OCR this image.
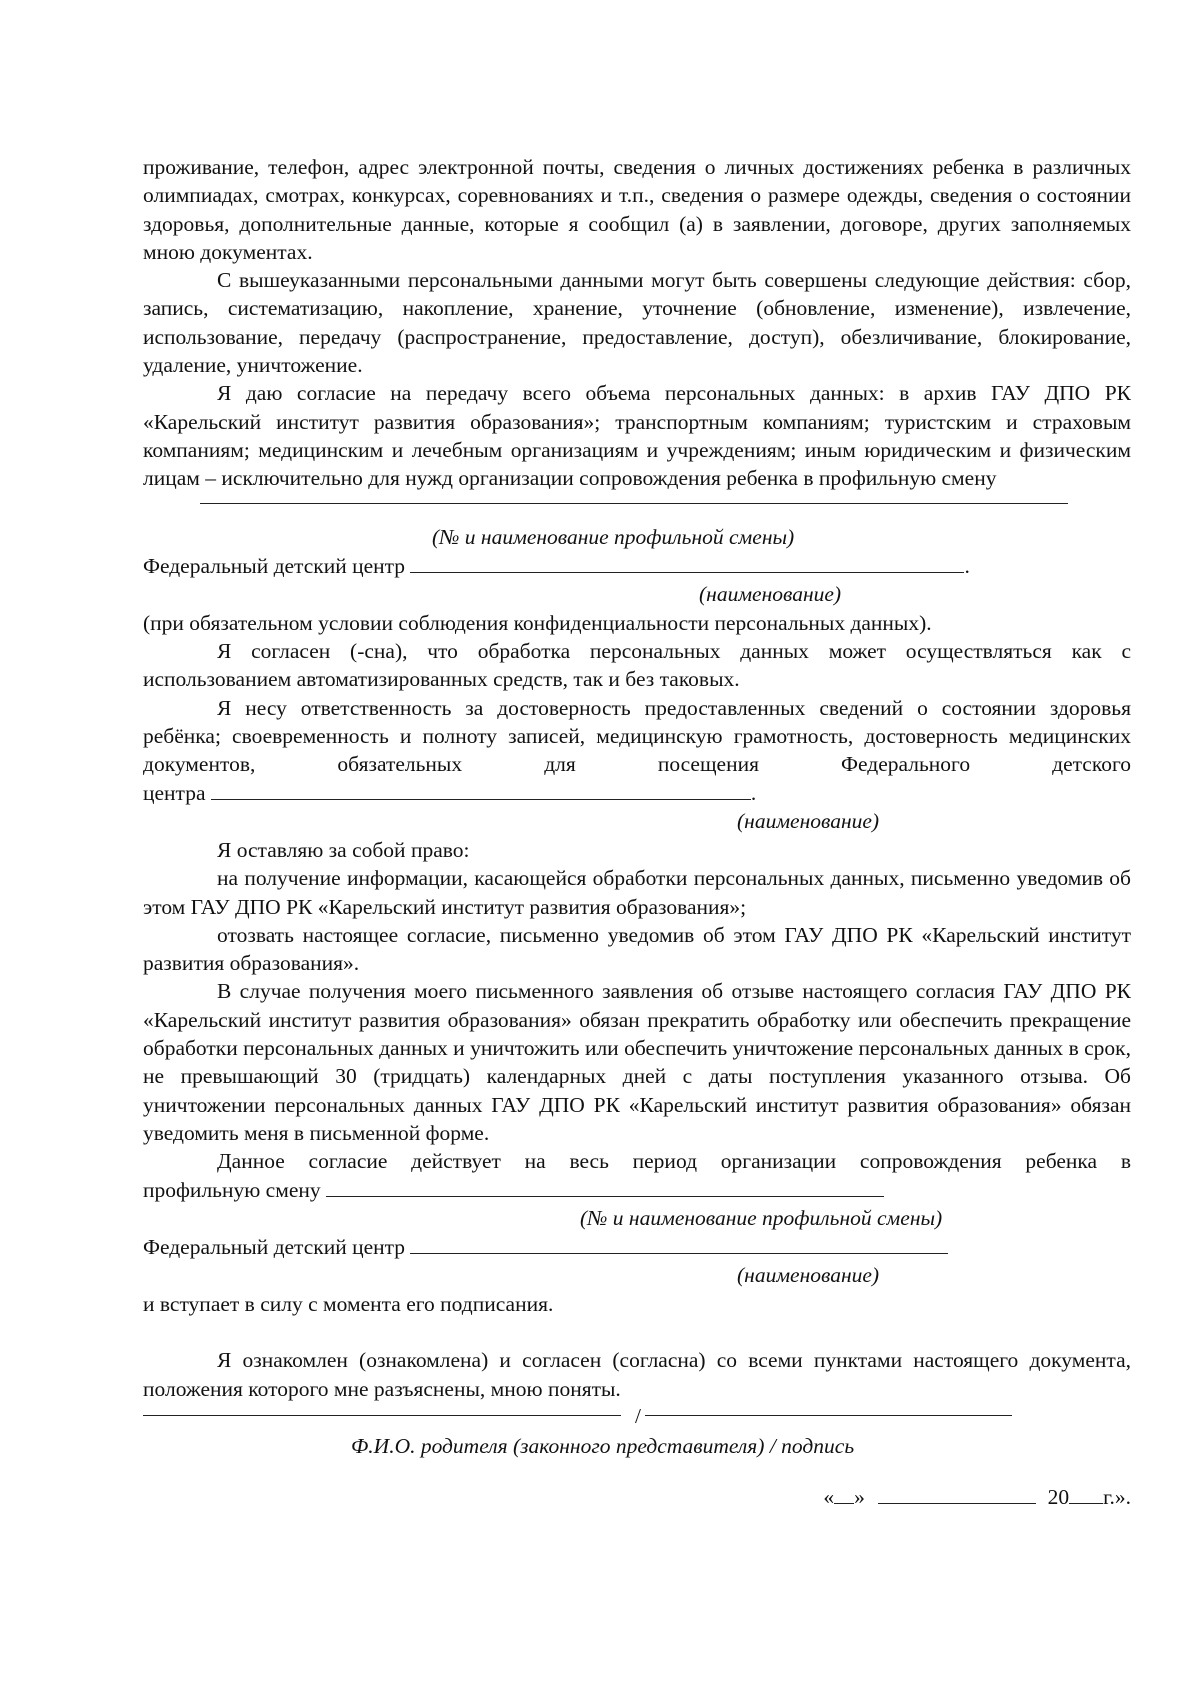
проживание, телефон, адрес электронной почты, сведения о личных достижениях ребенка в различных олимпиадах, смотрах, конкурсах, соревнованиях и т.п., сведения о размере одежды, сведения о состоянии здоровья, дополнительные данные, которые я сообщил (а) в заявлении, договоре, других заполняемых мною документах.

С вышеуказанными персональными данными могут быть совершены следующие действия: сбор, запись, систематизацию, накопление, хранение, уточнение (обновление, изменение), извлечение, использование, передачу (распространение, предоставление, доступ), обезличивание, блокирование, удаление, уничтожение.

Я даю согласие на передачу всего объема персональных данных: в архив ГАУ ДПО РК «Карельский институт развития образования»; транспортным компаниям; туристским и страховым компаниям; медицинским и лечебным организациям и учреждениям; иным юридическим и физическим лицам – исключительно для нужд организации сопровождения ребенка в профильную смену

(№ и наименование профильной смены)
Федеральный детский центр	.
(наименование)

(при обязательном условии соблюдения конфиденциальности персональных данных).

Я согласен (-сна), что обработка персональных данных может осуществляться как с использованием автоматизированных средств, так и без таковых.

Я несу ответственность за достоверность предоставленных сведений о состоянии здоровья ребёнка; своевременность и полноту записей, медицинскую грамотность, достоверность медицинских документов, обязательных для посещения Федерального детского

центра	.
(наименование)

Я оставляю за собой право:

на получение информации, касающейся обработки персональных данных, письменно уведомив об этом ГАУ ДПО РК «Карельский институт развития образования»;

отозвать настоящее согласие, письменно уведомив об этом ГАУ ДПО РК «Карельский институт развития образования».

В случае получения моего письменного заявления об отзыве настоящего согласия ГАУ ДПО РК «Карельский институт развития образования» обязан прекратить обработку или обеспечить прекращение обработки персональных данных и уничтожить или обеспечить уничтожение персональных данных в срок, не превышающий 30 (тридцать) календарных дней с даты поступления указанного отзыва. Об уничтожении персональных данных ГАУ ДПО РК «Карельский институт развития образования» обязан уведомить меня в письменной форме.

Данное согласие действует на весь период организации сопровождения ребенка в

профильную смену
(№ и наименование профильной смены)
Федеральный детский центр
(наименование)

и вступает в силу с момента его подписания.

Я ознакомлен (ознакомлена) и согласен (согласна) со всеми пунктами настоящего документа, положения которого мне разъяснены, мною поняты.

/
Ф.И.О. родителя (законного представителя) / подпись
« »	20 г.».
